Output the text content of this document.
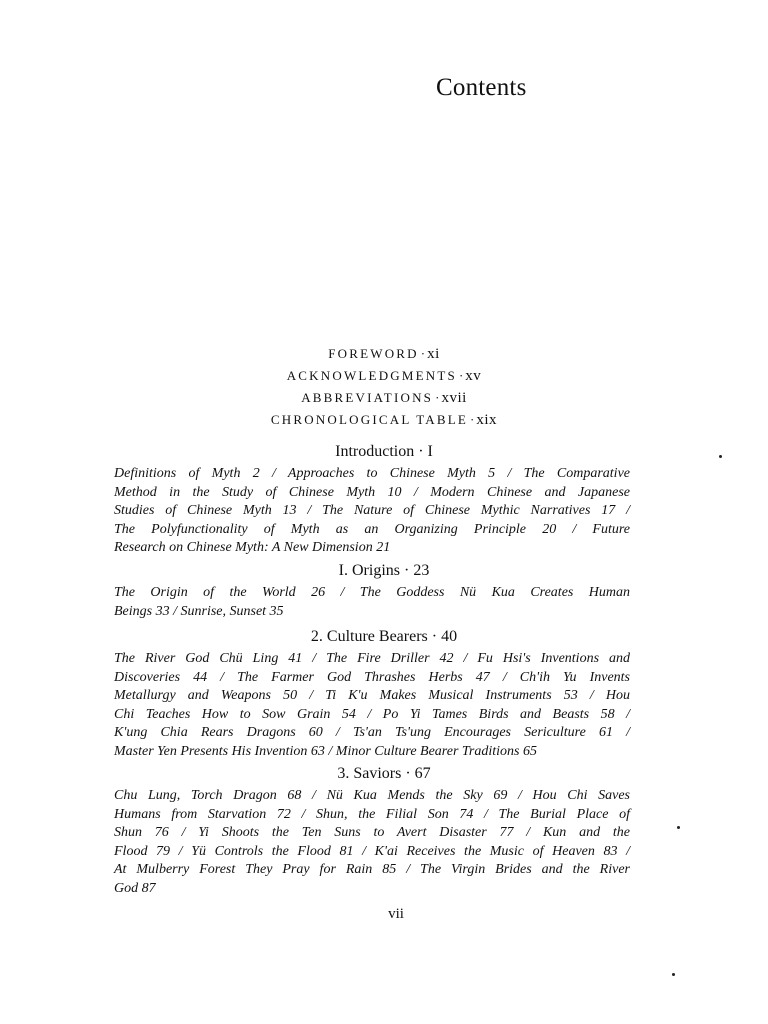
Contents
FOREWORD · xi
ACKNOWLEDGMENTS · xv
ABBREVIATIONS · xvii
CHRONOLOGICAL TABLE · xix
Introduction · I

Definitions of Myth 2 / Approaches to Chinese Myth 5 / The Comparative

Method in the Study of Chinese Myth 10 / Modern Chinese and Japanese

Studies of Chinese Myth 13 / The Nature of Chinese Mythic Narratives 17 /

The Polyfunctionality of Myth as an Organizing Principle 20 / Future

Research on Chinese Myth: A New Dimension 21

I. Origins · 23

The Origin of the World 26 / The Goddess Nü Kua Creates Human

Beings 33 / Sunrise, Sunset 35

2. Culture Bearers · 40

The River God Chü Ling 41 / The Fire Driller 42 / Fu Hsi's Inventions and

Discoveries 44 / The Farmer God Thrashes Herbs 47 / Ch'ih Yu Invents

Metallurgy and Weapons 50 / Ti K'u Makes Musical Instruments 53 / Hou

Chi Teaches How to Sow Grain 54 / Po Yi Tames Birds and Beasts 58 /

K'ung Chia Rears Dragons 60 / Ts'an Ts'ung Encourages Sericulture 61 /

Master Yen Presents His Invention 63 / Minor Culture Bearer Traditions 65

3. Saviors · 67

Chu Lung, Torch Dragon 68 / Nü Kua Mends the Sky 69 / Hou Chi Saves

Humans from Starvation 72 / Shun, the Filial Son 74 / The Burial Place of

Shun 76 / Yi Shoots the Ten Suns to Avert Disaster 77 / Kun and the

Flood 79 / Yü Controls the Flood 81 / K'ai Receives the Music of Heaven 83 /

At Mulberry Forest They Pray for Rain 85 / The Virgin Brides and the River

God 87

vii
